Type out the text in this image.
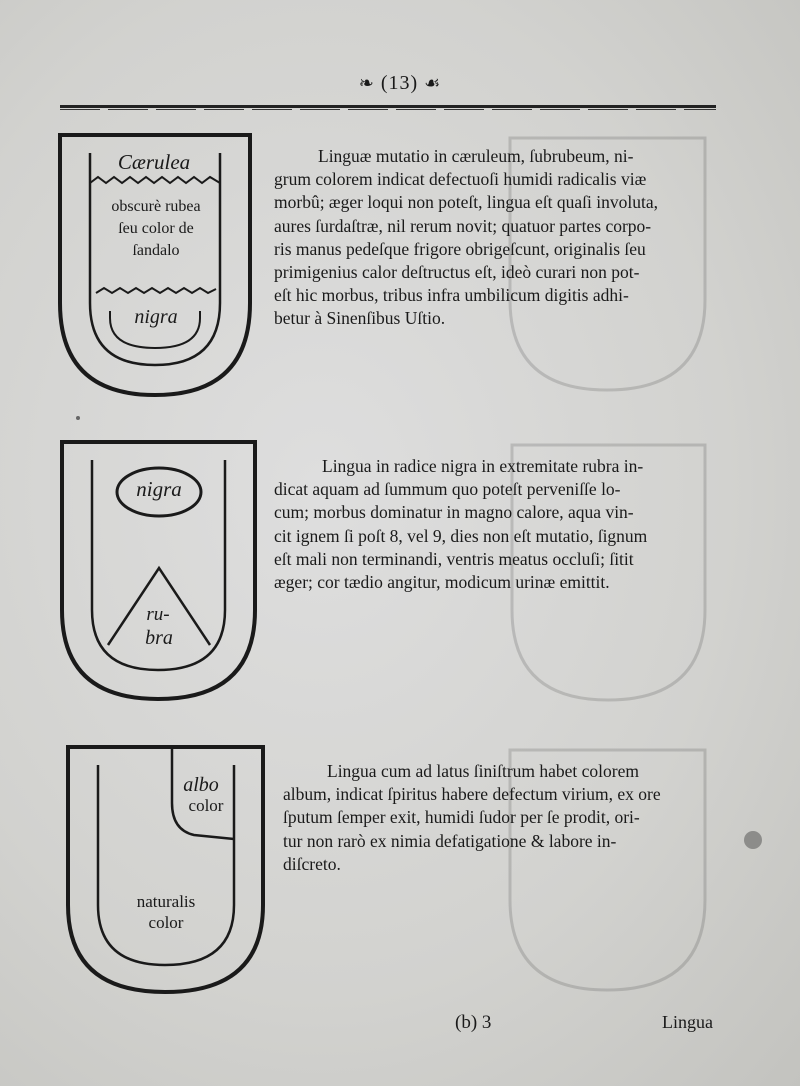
❧ (13) ☙
Cærulea
obscurè rubea
ſeu color de
ſandalo
nigra
Linguæ mutatio in cæruleum, ſubrubeum, ni-
grum colorem indicat defectuoſi humidi radicalis viæ
morbû; æger loqui non poteſt, lingua eſt quaſi involuta,
aures ſurdaſtræ, nil rerum novit; quatuor partes corpo-
ris manus pedeſque frigore obrigeſcunt, originalis ſeu
primigenius calor deſtructus eſt, ideò curari non pot-
eſt hic morbus, tribus infra umbilicum digitis adhi-
betur à Sinenſibus Uſtio.
nigra
ru-
bra
Lingua in radice nigra in extremitate rubra in-
dicat aquam ad ſummum quo poteſt perveniſſe lo-
cum; morbus dominatur in magno calore, aqua vin-
cit ignem ſi poſt 8, vel 9, dies non eſt mutatio, ſignum
eſt mali non terminandi, ventris meatus occluſi; ſitit
æger; cor tædio angitur, modicum urinæ emittit.
albo
color
naturalis
color
Lingua cum ad latus ſiniſtrum habet colorem
album, indicat ſpiritus habere defectum virium, ex ore
ſputum ſemper exit, humidi ſudor per ſe prodit, ori-
tur non rarò ex nimia defatigatione & labore in-
diſcreto.
(b) 3	Lingua
